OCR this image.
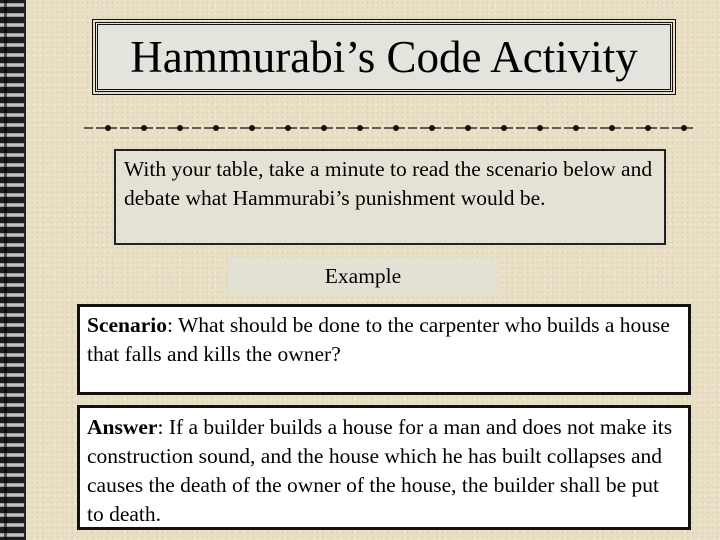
Hammurabi’s Code Activity
With your table, take a minute to read the scenario below and debate what Hammurabi’s punishment would be.
Example
Scenario: What should be done to the carpenter who builds a house that falls and kills the owner?
Answer: If a builder builds a house for a man and does not make its construction sound, and the house which he has built collapses and causes the death of the owner of the house, the builder shall be put to death.
